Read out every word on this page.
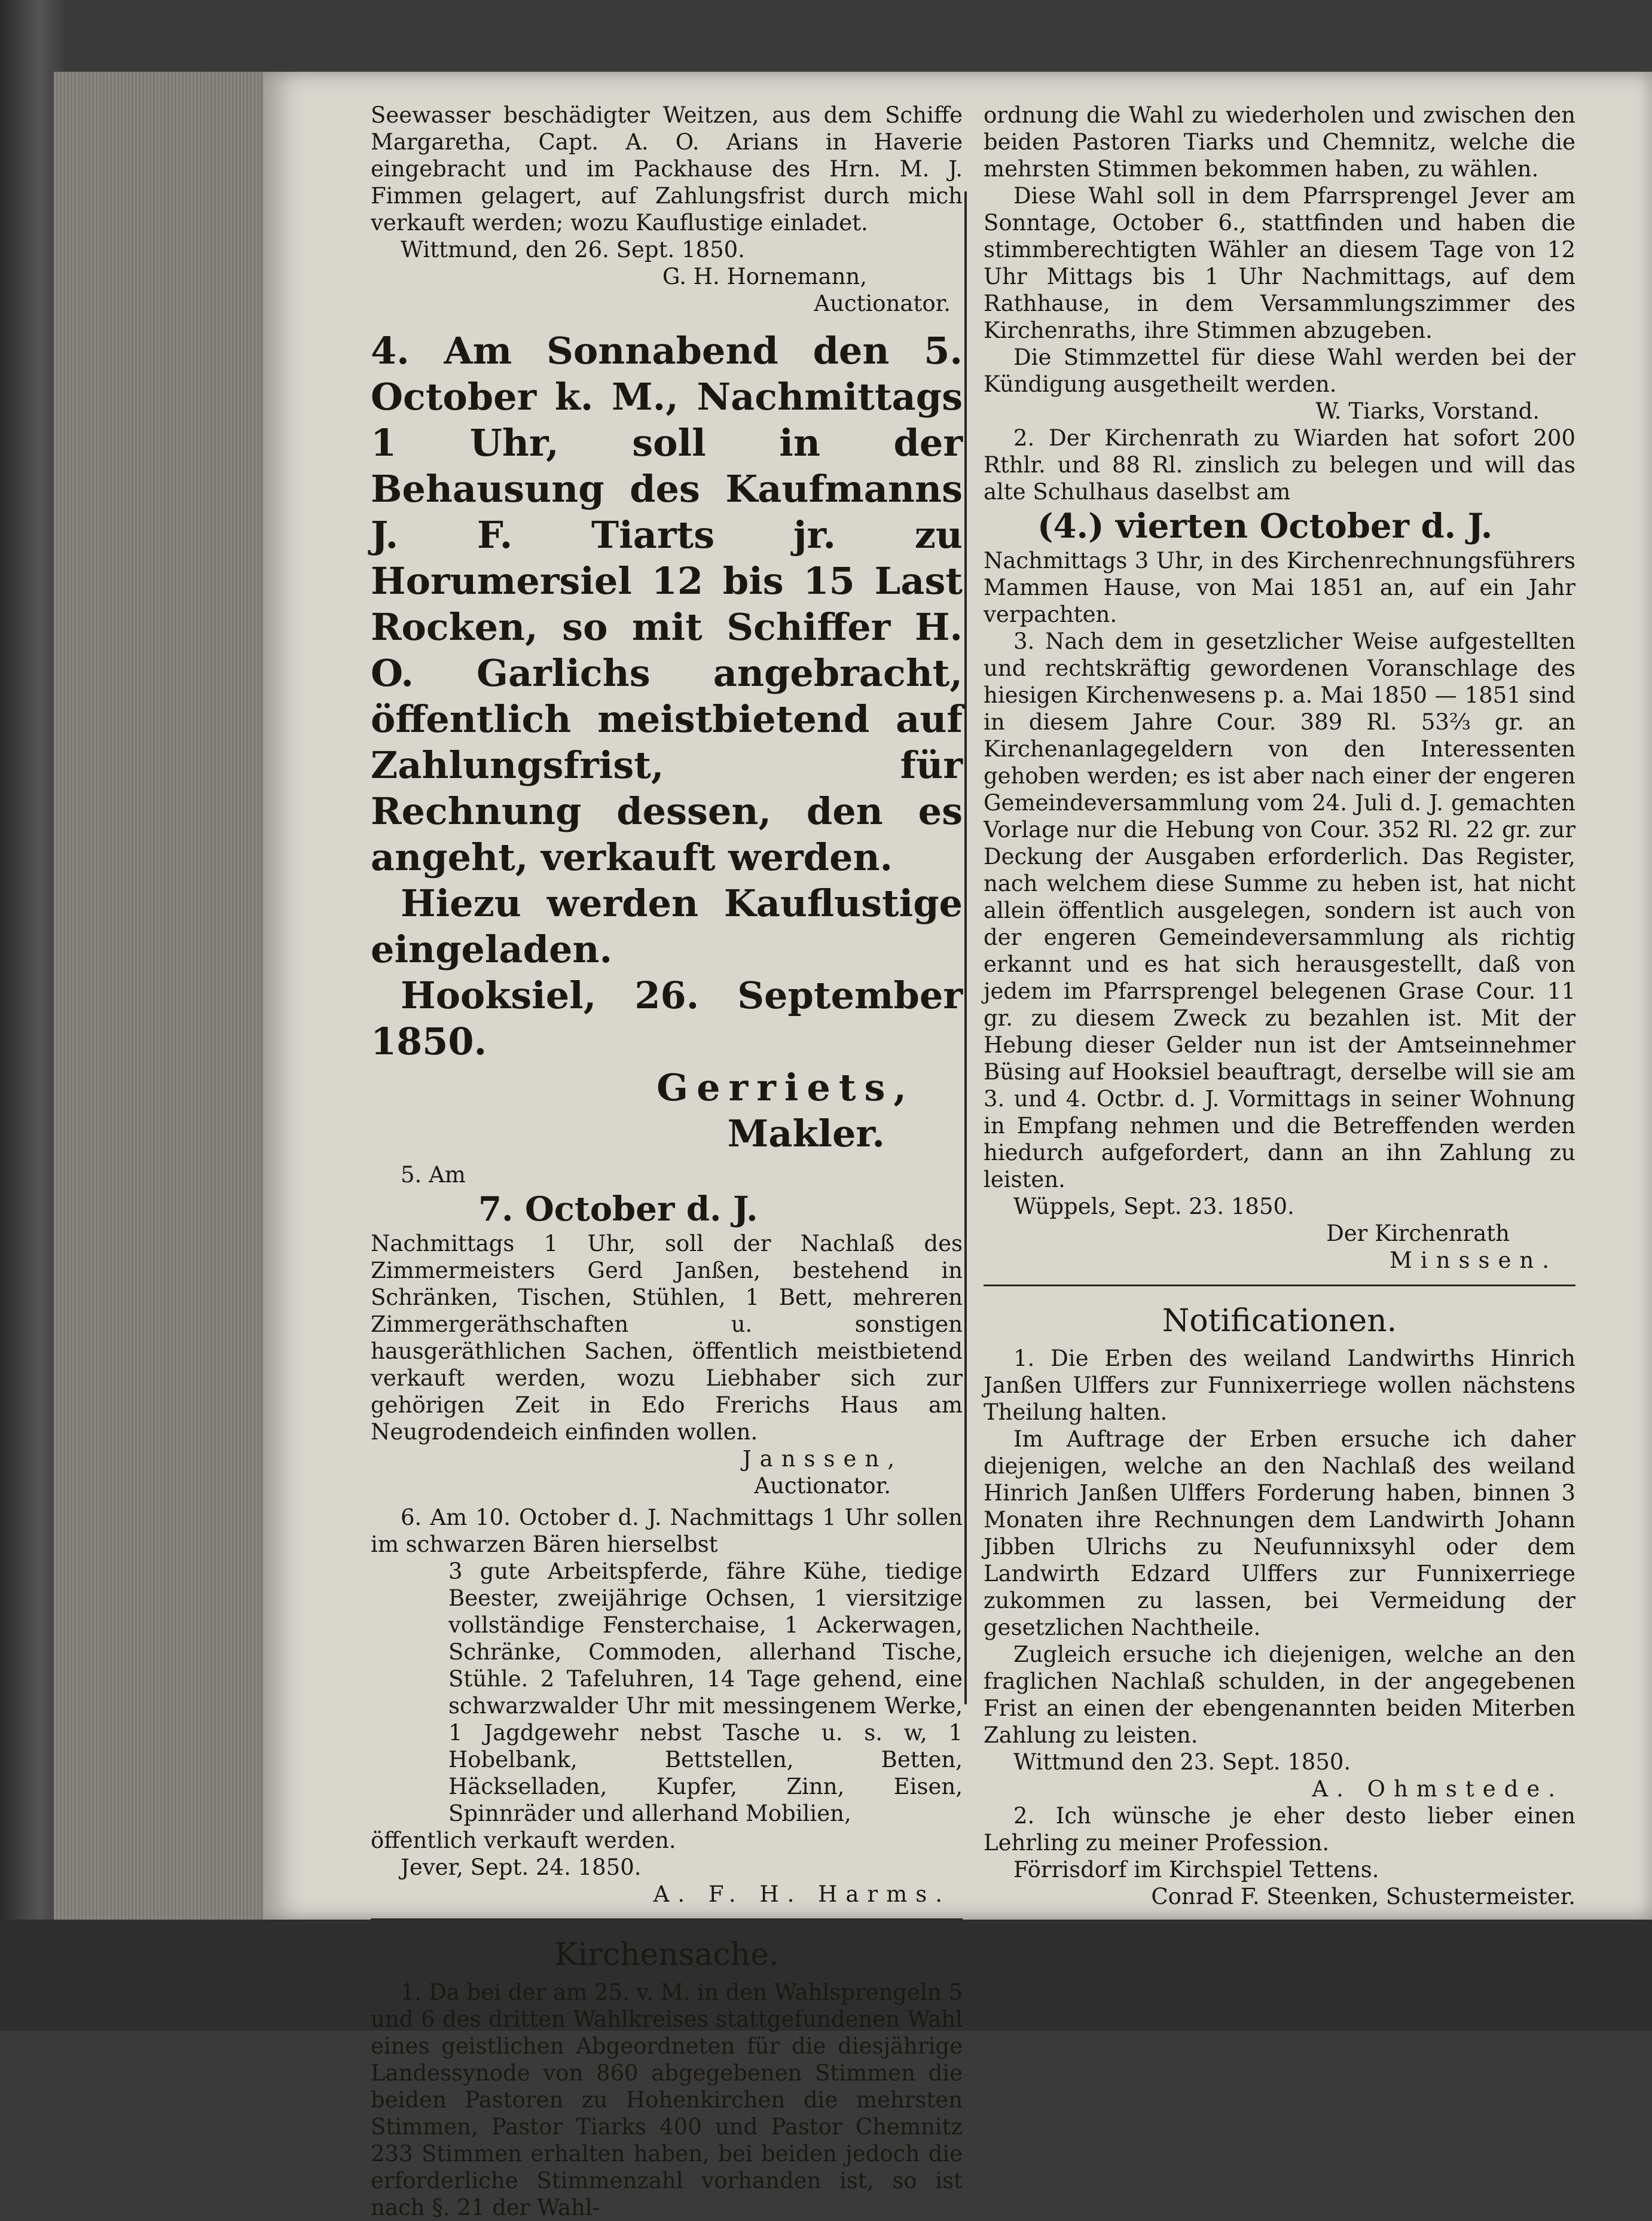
Seewasser beschädigter Weitzen, aus dem Schiffe Margaretha, Capt. A. O. Arians in Haverie eingebracht und im Packhause des Hrn. M. J. Fimmen gelagert, auf Zahlungsfrist durch mich verkauft werden; wozu Kauflustige einladet.

Wittmund, den 26. Sept. 1850.

G. H. Hornemann,

Auctionator.

4. Am Sonnabend den 5. October k. M., Nachmittags 1 Uhr, soll in der Behausung des Kaufmanns J. F. Tiarts jr. zu Horumersiel 12 bis 15 Last Rocken, so mit Schiffer H. O. Garlichs angebracht, öffentlich meistbietend auf Zahlungsfrist, für Rechnung dessen, den es angeht, verkauft werden.

Hiezu werden Kauflustige eingeladen.

Hooksiel, 26. September 1850.

Gerriets,

Makler.

5. Am

7. October d. J.

Nachmittags 1 Uhr, soll der Nachlaß des Zimmermeisters Gerd Janßen, bestehend in Schränken, Tischen, Stühlen, 1 Bett, mehreren Zimmergeräthschaften u. sonstigen hausgeräthlichen Sachen, öffentlich meistbietend verkauft werden, wozu Liebhaber sich zur gehörigen Zeit in Edo Frerichs Haus am Neugrodendeich einfinden wollen.

Janssen,

Auctionator.

6. Am 10. October d. J. Nachmittags 1 Uhr sollen im schwarzen Bären hierselbst

3 gute Arbeitspferde, fähre Kühe, tiedige Beester, zweijährige Ochsen, 1 viersitzige vollständige Fensterchaise, 1 Ackerwagen, Schränke, Commoden, allerhand Tische, Stühle. 2 Tafeluhren, 14 Tage gehend, eine schwarzwalder Uhr mit messingenem Werke, 1 Jagdgewehr nebst Tasche u. s. w, 1 Hobelbank, Bettstellen, Betten, Häckselladen, Kupfer, Zinn, Eisen, Spinnräder und allerhand Mobilien,

öffentlich verkauft werden.

Jever, Sept. 24. 1850.

A. F. H. Harms.

Kirchensache.

1. Da bei der am 25. v. M. in den Wahlsprengeln 5 und 6 des dritten Wahlkreises stattgefundenen Wahl eines geistlichen Abgeordneten für die diesjährige Landessynode von 860 abgegebenen Stimmen die beiden Pastoren zu Hohenkirchen die mehrsten Stimmen, Pastor Tiarks 400 und Pastor Chemnitz 233 Stimmen erhalten haben, bei beiden jedoch die erforderliche Stimmenzahl vorhanden ist, so ist nach §. 21 der Wahl-

ordnung die Wahl zu wiederholen und zwischen den beiden Pastoren Tiarks und Chemnitz, welche die mehrsten Stimmen bekommen haben, zu wählen.

Diese Wahl soll in dem Pfarrsprengel Jever am Sonntage, October 6., stattfinden und haben die stimmberechtigten Wähler an diesem Tage von 12 Uhr Mittags bis 1 Uhr Nachmittags, auf dem Rathhause, in dem Versammlungszimmer des Kirchenraths, ihre Stimmen abzugeben.

Die Stimmzettel für diese Wahl werden bei der Kündigung ausgetheilt werden.

W. Tiarks, Vorstand.

2. Der Kirchenrath zu Wiarden hat sofort 200 Rthlr. und 88 Rl. zinslich zu belegen und will das alte Schulhaus daselbst am

(4.) vierten October d. J.

Nachmittags 3 Uhr, in des Kirchenrechnungsführers Mammen Hause, von Mai 1851 an, auf ein Jahr verpachten.

3. Nach dem in gesetzlicher Weise aufgestellten und rechtskräftig gewordenen Voranschlage des hiesigen Kirchenwesens p. a. Mai 1850 — 1851 sind in diesem Jahre Cour. 389 Rl. 53⅔ gr. an Kirchenanlagegeldern von den Interessenten gehoben werden; es ist aber nach einer der engeren Gemeindeversammlung vom 24. Juli d. J. gemachten Vorlage nur die Hebung von Cour. 352 Rl. 22 gr. zur Deckung der Ausgaben erforderlich. Das Register, nach welchem diese Summe zu heben ist, hat nicht allein öffentlich ausgelegen, sondern ist auch von der engeren Gemeindeversammlung als richtig erkannt und es hat sich herausgestellt, daß von jedem im Pfarrsprengel belegenen Grase Cour. 11 gr. zu diesem Zweck zu bezahlen ist. Mit der Hebung dieser Gelder nun ist der Amtseinnehmer Büsing auf Hooksiel beauftragt, derselbe will sie am 3. und 4. Octbr. d. J. Vormittags in seiner Wohnung in Empfang nehmen und die Betreffenden werden hiedurch aufgefordert, dann an ihn Zahlung zu leisten.

Wüppels, Sept. 23. 1850.

Der Kirchenrath

Minssen.

Notificationen.

1. Die Erben des weiland Landwirths Hinrich Janßen Ulffers zur Funnixerriege wollen nächstens Theilung halten.

Im Auftrage der Erben ersuche ich daher diejenigen, welche an den Nachlaß des weiland Hinrich Janßen Ulffers Forderung haben, binnen 3 Monaten ihre Rechnungen dem Landwirth Johann Jibben Ulrichs zu Neufunnixsyhl oder dem Landwirth Edzard Ulffers zur Funnixerriege zukommen zu lassen, bei Vermeidung der gesetzlichen Nachtheile.

Zugleich ersuche ich diejenigen, welche an den fraglichen Nachlaß schulden, in der angegebenen Frist an einen der ebengenannten beiden Miterben Zahlung zu leisten.

Wittmund den 23. Sept. 1850.

A. Ohmstede.

2. Ich wünsche je eher desto lieber einen Lehrling zu meiner Profession.

Förrisdorf im Kirchspiel Tettens.

Conrad F. Steenken, Schustermeister.
